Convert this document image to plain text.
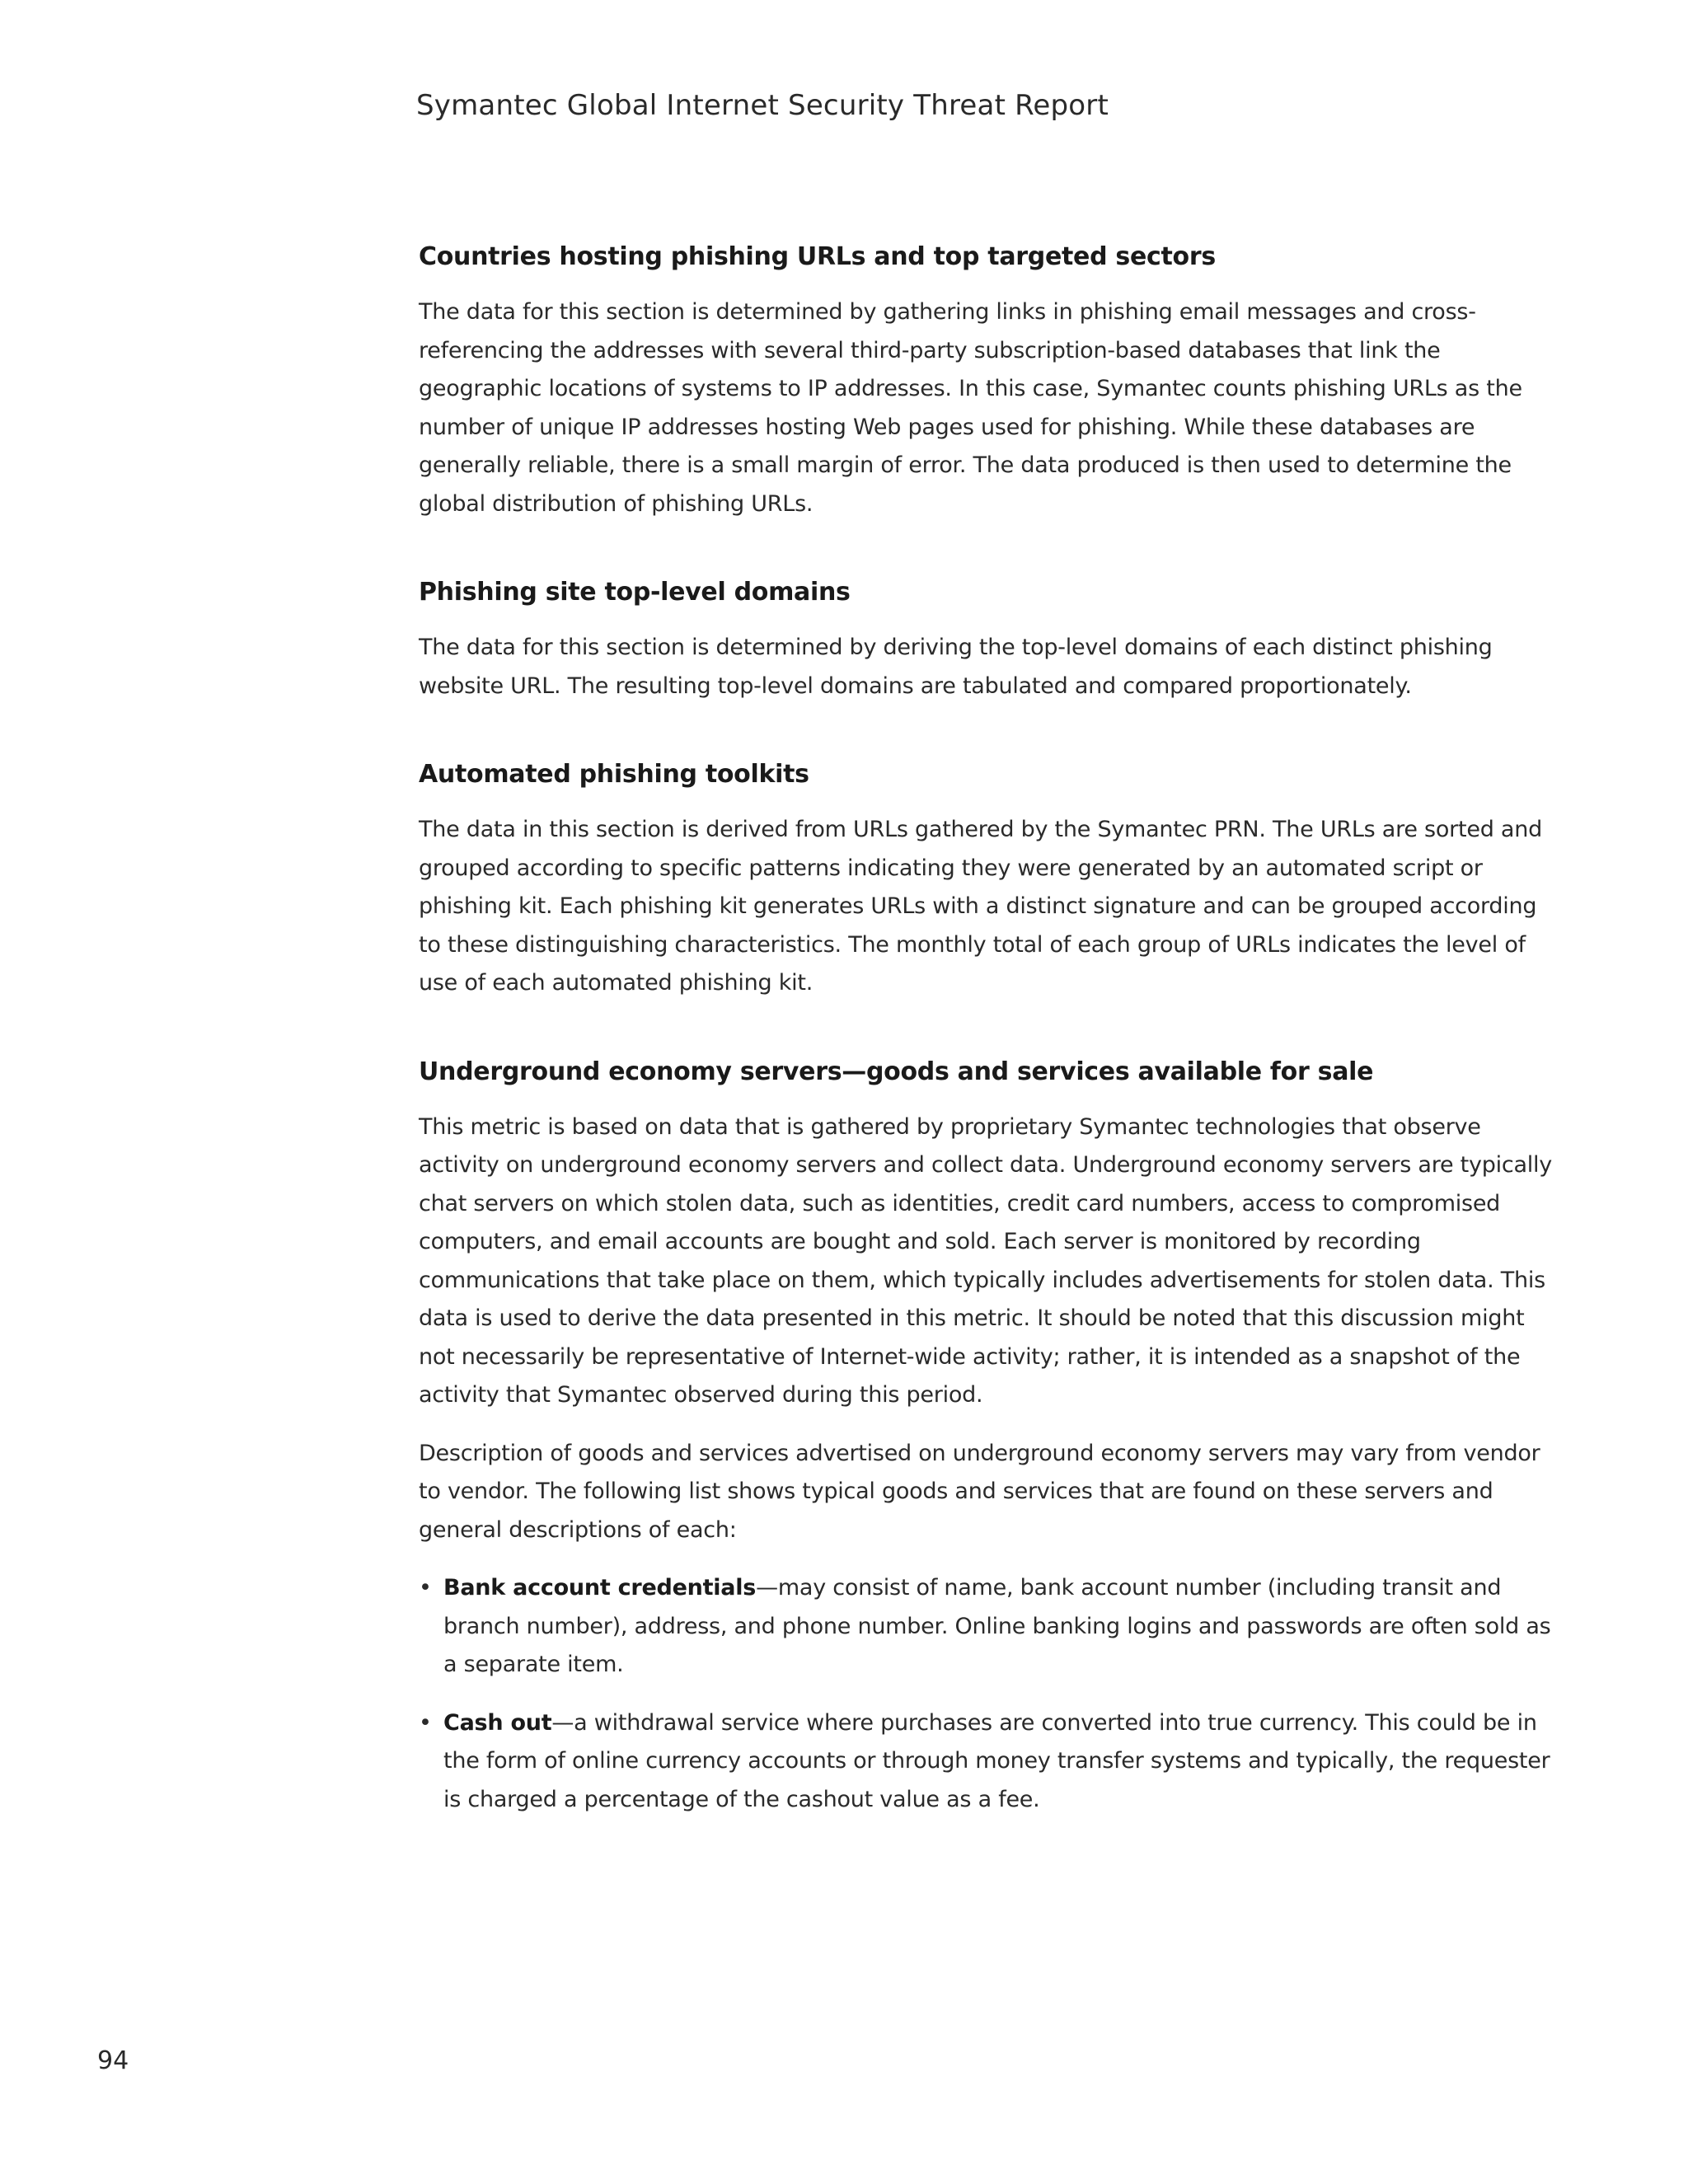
Symantec Global Internet Security Threat Report
Countries hosting phishing URLs and top targeted sectors

The data for this section is determined by gathering links in phishing email messages and cross-referencing the addresses with several third-party subscription-based databases that link the geographic locations of systems to IP addresses. In this case, Symantec counts phishing URLs as the number of unique IP addresses hosting Web pages used for phishing. While these databases are generally reliable, there is a small margin of error. The data produced is then used to determine the global distribution of phishing URLs.

Phishing site top-level domains

The data for this section is determined by deriving the top-level domains of each distinct phishing website URL. The resulting top-level domains are tabulated and compared proportionately.

Automated phishing toolkits

The data in this section is derived from URLs gathered by the Symantec PRN. The URLs are sorted and grouped according to specific patterns indicating they were generated by an automated script or phishing kit. Each phishing kit generates URLs with a distinct signature and can be grouped according to these distinguishing characteristics. The monthly total of each group of URLs indicates the level of use of each automated phishing kit.

Underground economy servers—goods and services available for sale

This metric is based on data that is gathered by proprietary Symantec technologies that observe activity on underground economy servers and collect data. Underground economy servers are typically chat servers on which stolen data, such as identities, credit card numbers, access to compromised computers, and email accounts are bought and sold. Each server is monitored by recording communications that take place on them, which typically includes advertisements for stolen data. This data is used to derive the data presented in this metric. It should be noted that this discussion might not necessarily be representative of Internet-wide activity; rather, it is intended as a snapshot of the activity that Symantec observed during this period.

Description of goods and services advertised on underground economy servers may vary from vendor to vendor. The following list shows typical goods and services that are found on these servers and general descriptions of each:

• Bank account credentials—may consist of name, bank account number (including transit and branch number), address, and phone number. Online banking logins and passwords are often sold as a separate item.
• Cash out—a withdrawal service where purchases are converted into true currency. This could be in the form of online currency accounts or through money transfer systems and typically, the requester is charged a percentage of the cashout value as a fee.
94
